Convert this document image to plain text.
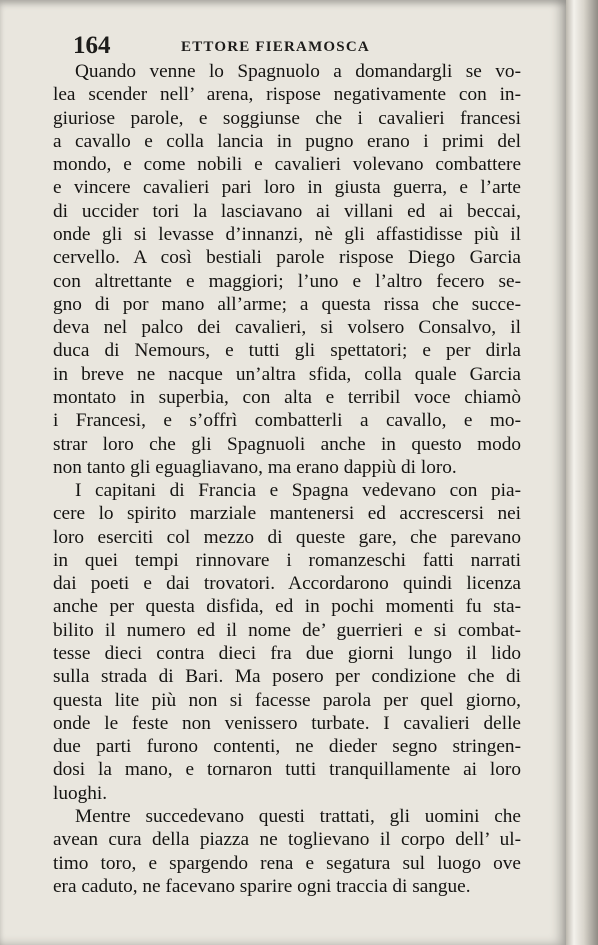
164	ETTORE FIERAMOSCA
Quando venne lo Spagnuolo a domandargli se vo-
lea scender nell’ arena, rispose negativamente con in-
giuriose parole, e soggiunse che i cavalieri francesi
a cavallo e colla lancia in pugno erano i primi del
mondo, e come nobili e cavalieri volevano combattere
e vincere cavalieri pari loro in giusta guerra, e l’arte
di uccider tori la lasciavano ai villani ed ai beccai,
onde gli si levasse d’innanzi, nè gli affastidisse più il
cervello. A così bestiali parole rispose Diego Garcia
con altrettante e maggiori; l’uno e l’altro fecero se-
gno di por mano all’arme; a questa rissa che succe-
deva nel palco dei cavalieri, si volsero Consalvo, il
duca di Nemours, e tutti gli spettatori; e per dirla
in breve ne nacque un’altra sfida, colla quale Garcia
montato in superbia, con alta e terribil voce chiamò
i Francesi, e s’offrì combatterli a cavallo, e mo-
strar loro che gli Spagnuoli anche in questo modo
non tanto gli eguagliavano, ma erano dappiù di loro.
I capitani di Francia e Spagna vedevano con pia-
cere lo spirito marziale mantenersi ed accrescersi nei
loro eserciti col mezzo di queste gare, che parevano
in quei tempi rinnovare i romanzeschi fatti narrati
dai poeti e dai trovatori. Accordarono quindi licenza
anche per questa disfida, ed in pochi momenti fu sta-
bilito il numero ed il nome de’ guerrieri e si combat-
tesse dieci contra dieci fra due giorni lungo il lido
sulla strada di Bari. Ma posero per condizione che di
questa lite più non si facesse parola per quel giorno,
onde le feste non venissero turbate. I cavalieri delle
due parti furono contenti, ne dieder segno stringen-
dosi la mano, e tornaron tutti tranquillamente ai loro
luoghi.
Mentre succedevano questi trattati, gli uomini che
avean cura della piazza ne toglievano il corpo dell’ ul-
timo toro, e spargendo rena e segatura sul luogo ove
era caduto, ne facevano sparire ogni traccia di sangue.
